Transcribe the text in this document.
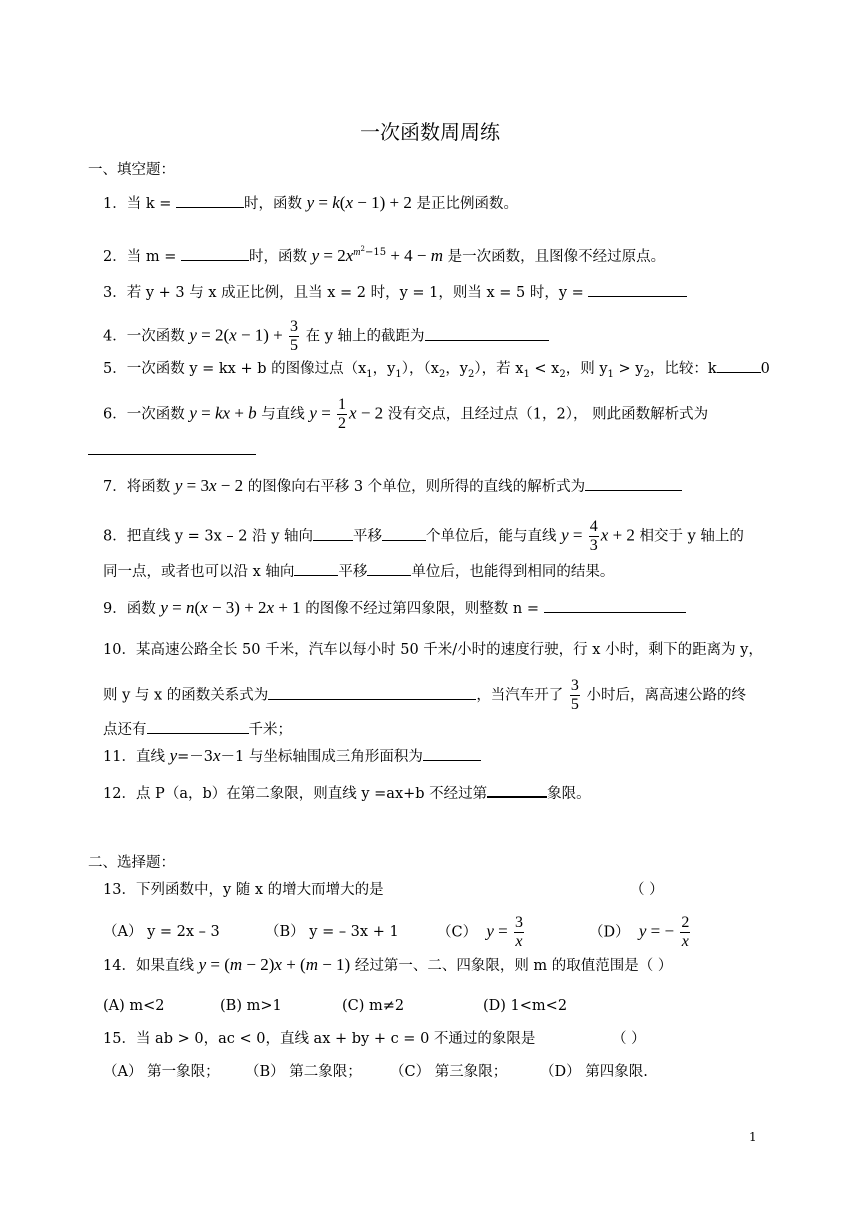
一次函数周周练
一、填空题：
1．当 k =	时，函数 y = k(x − 1) + 2 是正比例函数。
2．当 m =	时，函数 $y = 2x^{m2-15} + 4 - m$ 是一次函数，且图像不经过原点。
3．若 y + 3 与 x 成正比例，且当 x = 2 时，y = 1，则当 x = 5 时，y =
4．一次函数 $y = 2(x - 1) + \frac{3}{5}$ 在 y 轴上的截距为
5．一次函数 y = kx + b 的图像过点（$x_1$，$y_1$），（$x_2$，$y_2$），若 $x_1 < x_2$，则 $y_1 > y_2$，比较：k	0
6．一次函数 y = kx + b 与直线 $y = \frac{1}{2}$ x − 2 没有交点，且经过点（1，2）， 则此函数解析式为
7．将函数 y = 3x − 2 的图像向右平移 3 个单位，则所得的直线的解析式为
8．把直线 y = 3x – 2 沿 y 轴向	平移	个单位后，能与直线 $y = \frac{4}{3}$ x + 2 相交于 y 轴上的
同一点，或者也可以沿 x 轴向	平移	单位后，也能得到相同的结果。
9．函数 y = n(x − 3) + 2x + 1 的图像不经过第四象限，则整数 n =
10．某高速公路全长 50 千米，汽车以每小时 50 千米/小时的速度行驶，行 x 小时，剩下的距离为 y，
则 y 与 x 的函数关系式为	，当汽车开了 $\frac{3}{5}$ 小时后，离高速公路的终
点还有	千米；
11．直线 y=－3x－1 与坐标轴围成三角形面积为
12．点 P（a，b）在第二象限，则直线 y =ax+b 不经过第	象限。
二、选择题：
13．下列函数中，y 随 x 的增大而增大的是	（ ）
（A） y = 2x – 3	（B） y = – 3x + 1	（C） $y = \frac{3}{x}$	（D） y = − $\frac{2}{x}$
14．如果直线 y = (m − 2)x + (m − 1) 经过第一、二、四象限，则 m 的取值范围是（ ）
(A) m<2	(B) m>1	(C) m≠2	(D) 1<m<2
15．当 ab > 0，ac < 0，直线 ax + by + c = 0 不通过的象限是	（ ）
（A） 第一象限； （B） 第二象限； （C） 第三象限； （D） 第四象限.
1
